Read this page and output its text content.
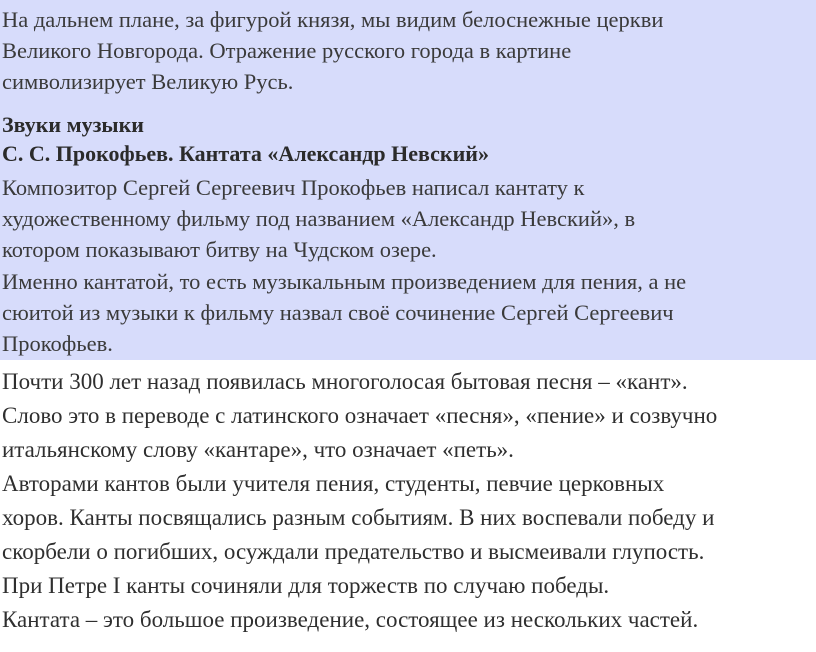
На дальнем плане, за фигурой князя, мы видим белоснежные церкви
Великого Новгорода. Отражение русского города в картине
символизирует Великую Русь.

Звуки музыки
С. С. Прокофьев. Кантата «Александр Невский»

Композитор Сергей Сергеевич Прокофьев написал кантату к
художественному фильму под названием «Александр Невский», в
котором показывают битву на Чудском озере.

Именно кантатой, то есть музыкальным произведением для пения, а не
сюитой из музыки к фильму назвал своё сочинение Сергей Сергеевич
Прокофьев.

Почти 300 лет назад появилась многоголосая бытовая песня – «кант».
Слово это в переводе с латинского означает «песня», «пение» и созвучно
итальянскому слову «кантаре», что означает «петь».
Авторами кантов были учителя пения, студенты, певчие церковных
хоров. Канты посвящались разным событиям. В них воспевали победу и
скорбели о погибших, осуждали предательство и высмеивали глупость.
При Петре I канты сочиняли для торжеств по случаю победы.
Кантата – это большое произведение, состоящее из нескольких частей.
